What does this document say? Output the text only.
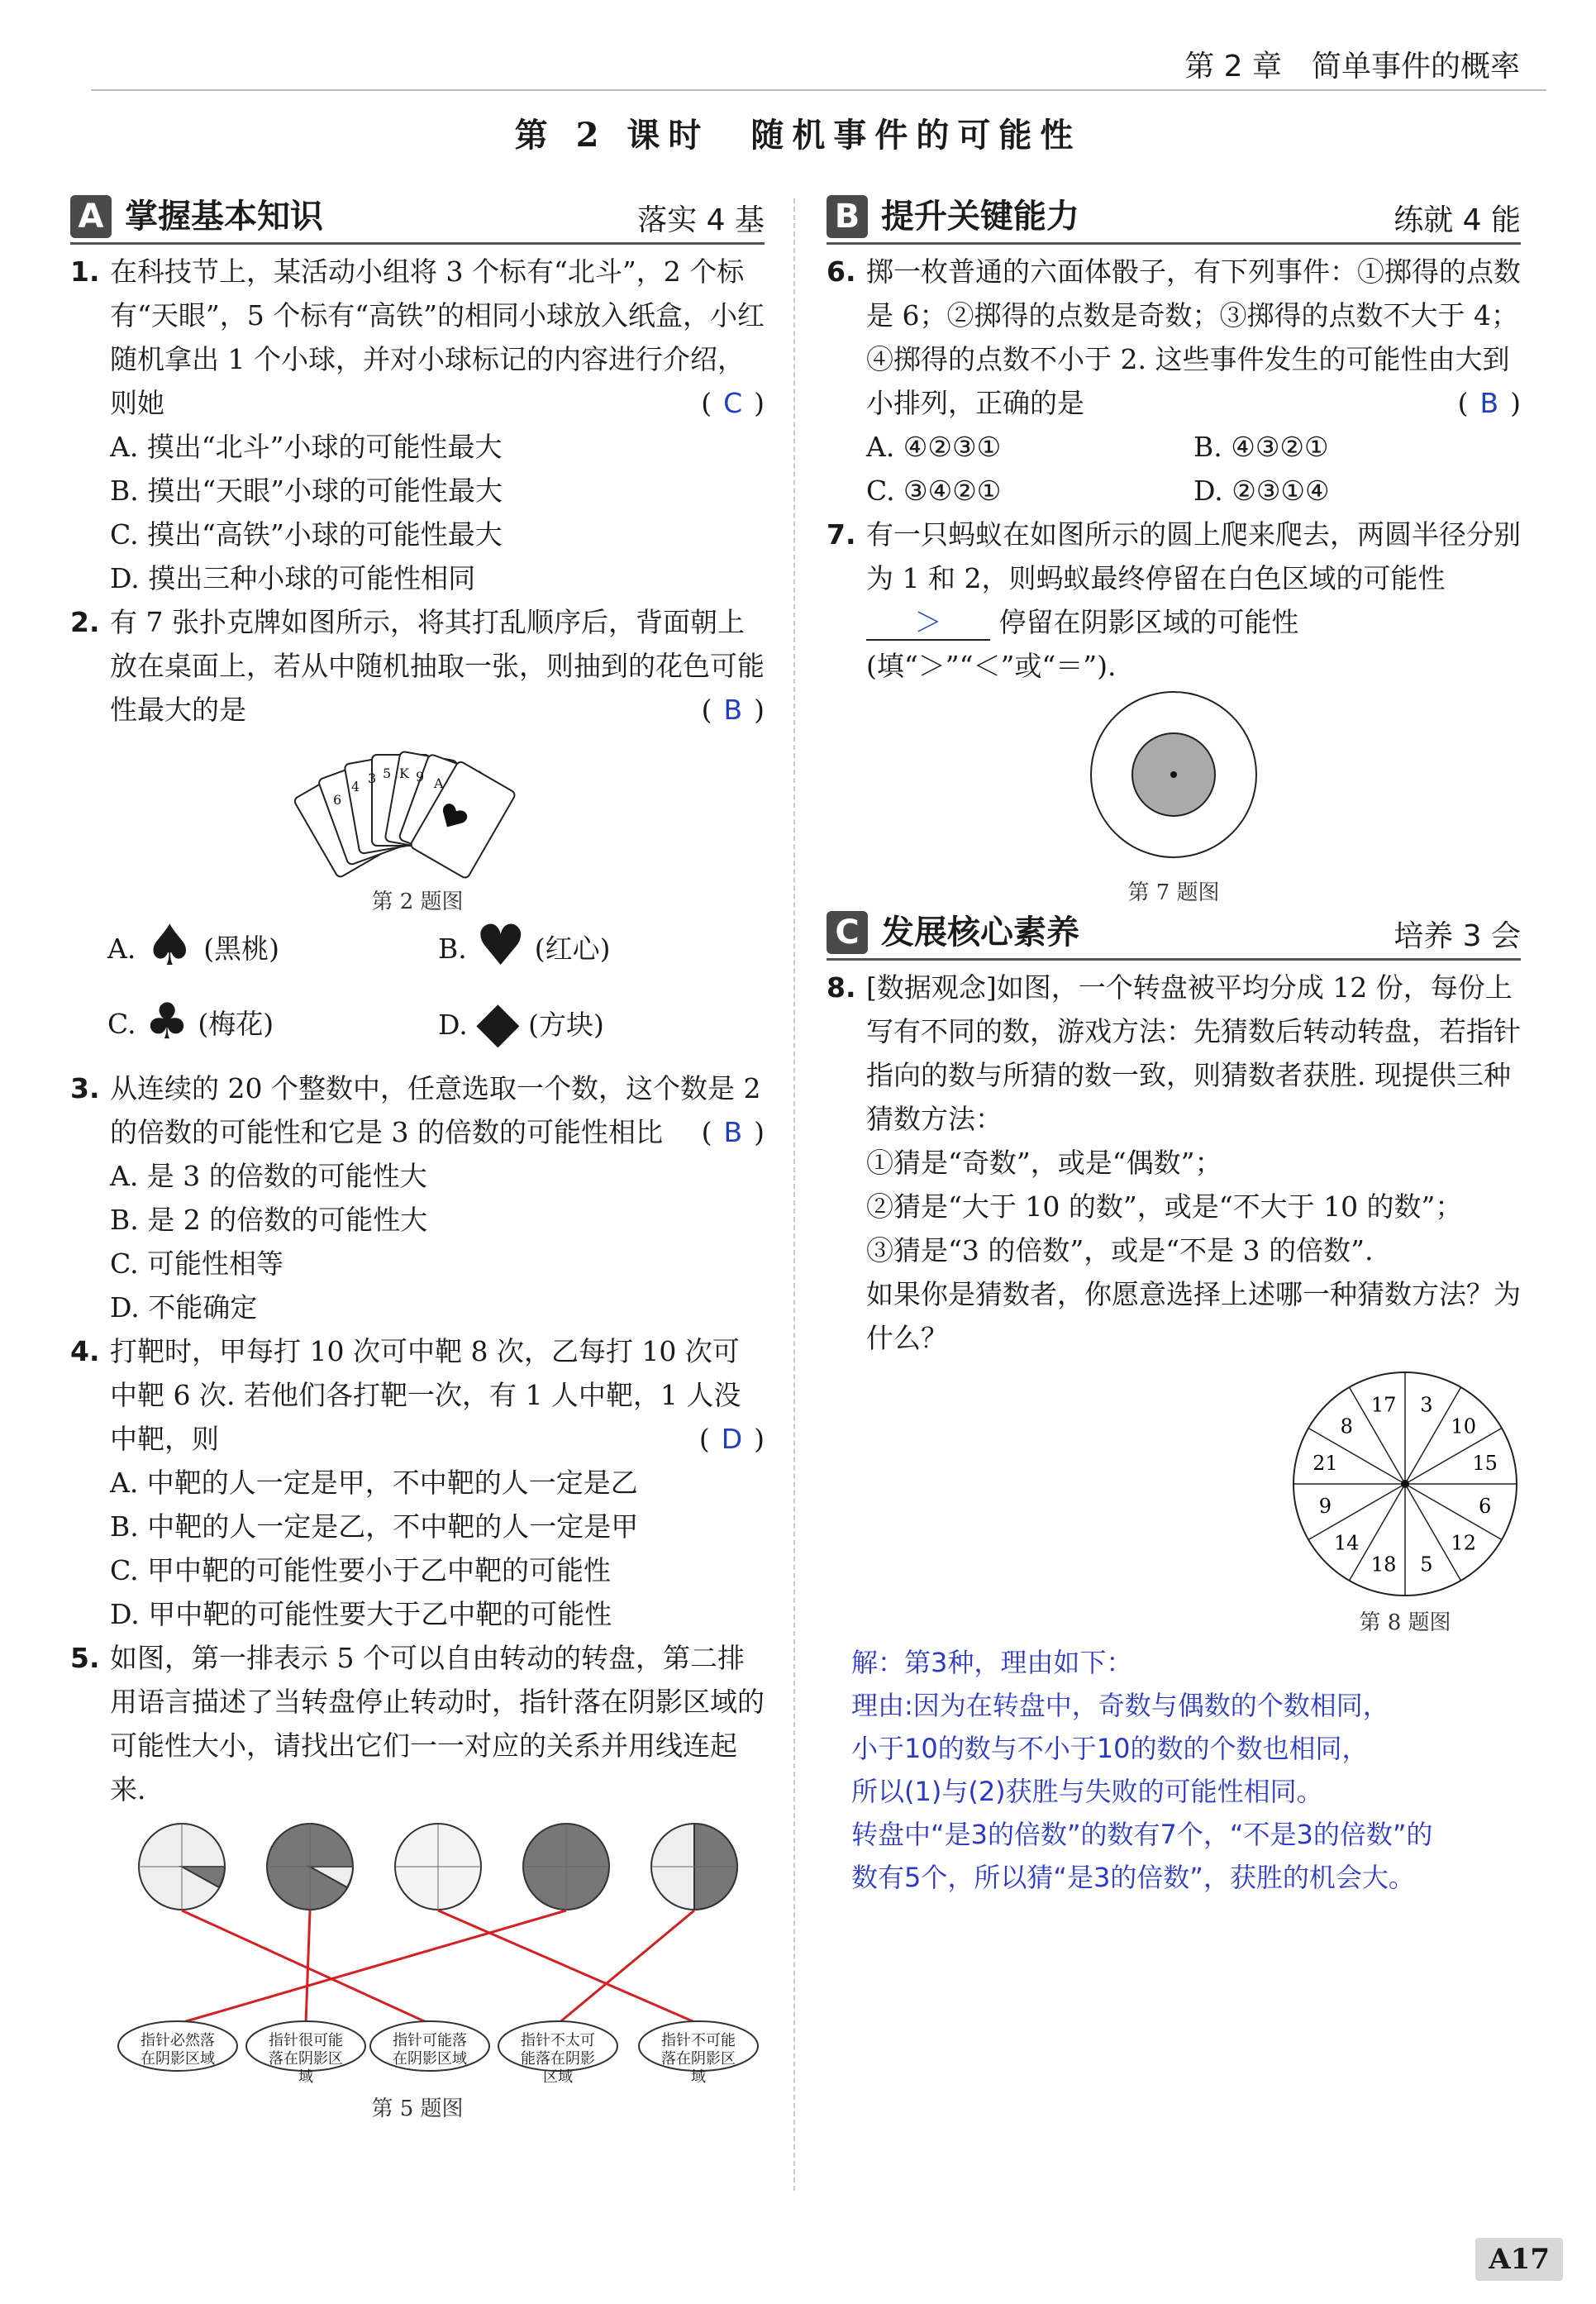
第 2 章　简单事件的概率
第 2 课时　随机事件的可能性
A 掌握基本知识	落实 4 基
1. 在科技节上，某活动小组将 3 个标有“北斗”，2 个标有“天眼”，5 个标有“高铁”的相同小球放入纸盒，小红随机拿出 1 个小球，并对小球标记的内容进行介绍，则她	( C )
A. 摸出“北斗”小球的可能性最大
B. 摸出“天眼”小球的可能性最大
C. 摸出“高铁”小球的可能性最大
D. 摸出三种小球的可能性相同
2. 有 7 张扑克牌如图所示，将其打乱顺序后，背面朝上放在桌面上，若从中随机抽取一张，则抽到的花色可能性最大的是	( B )
6
4
3 5 K 9 A
第 2 题图
A. ♠ (黑桃)	B. ♥ (红心)
C. ♣ (梅花)	D. ◆ (方块)
3. 从连续的 20 个整数中，任意选取一个数，这个数是 2 的倍数的可能性和它是 3 的倍数的可能性相比 ( B )
A. 是 3 的倍数的可能性大
B. 是 2 的倍数的可能性大
C. 可能性相等
D. 不能确定
4. 打靶时，甲每打 10 次可中靶 8 次，乙每打 10 次可中靶 6 次. 若他们各打靶一次，有 1 人中靶，1 人没中靶，则	( D )
A. 中靶的人一定是甲，不中靶的人一定是乙
B. 中靶的人一定是乙，不中靶的人一定是甲
C. 甲中靶的可能性要小于乙中靶的可能性
D. 甲中靶的可能性要大于乙中靶的可能性
5. 如图，第一排表示 5 个可以自由转动的转盘，第二排用语言描述了当转盘停止转动时，指针落在阴影区域的可能性大小，请找出它们一一对应的关系并用线连起来.
指针必然落在阴影区域
指针很可能落在阴影区域
指针可能落在阴影区域
指针不太可能落在阴影区域
指针不可能落在阴影区域
第 5 题图
B 提升关键能力	练就 4 能
6. 掷一枚普通的六面体骰子，有下列事件：①掷得的点数是 6；②掷得的点数是奇数；③掷得的点数不大于 4；④掷得的点数不小于 2. 这些事件发生的可能性由大到小排列，正确的是	( B )
A. ④②③①	B. ④③②①
C. ③④②①	D. ②③①④
7. 有一只蚂蚁在如图所示的圆上爬来爬去，两圆半径分别为 1 和 2，则蚂蚁最终停留在白色区域的可能性 ＞ 停留在阴影区域的可能性(填“＞”“＜”或“＝”).
第 7 题图
C 发展核心素养	培养 3 会
8. [数据观念]如图，一个转盘被平均分成 12 份，每份上写有不同的数，游戏方法：先猜数后转动转盘，若指针指向的数与所猜的数一致，则猜数者获胜. 现提供三种猜数方法：
①猜是“奇数”，或是“偶数”；
②猜是“大于 10 的数”，或是“不大于 10 的数”；
③猜是“3 的倍数”，或是“不是 3 的倍数”.
如果你是猜数者，你愿意选择上述哪一种猜数方法？为什么？
3
10
15
6
12
5
18
14
9
21
8
17
第 8 题图
解：第3种，理由如下：
理由:因为在转盘中，奇数与偶数的个数相同，
小于10的数与不小于10的数的个数也相同，
所以(1)与(2)获胜与失败的可能性相同。
转盘中“是3的倍数”的数有7个，“不是3的倍数”的
数有5个，所以猜“是3的倍数”，获胜的机会大。
A17
